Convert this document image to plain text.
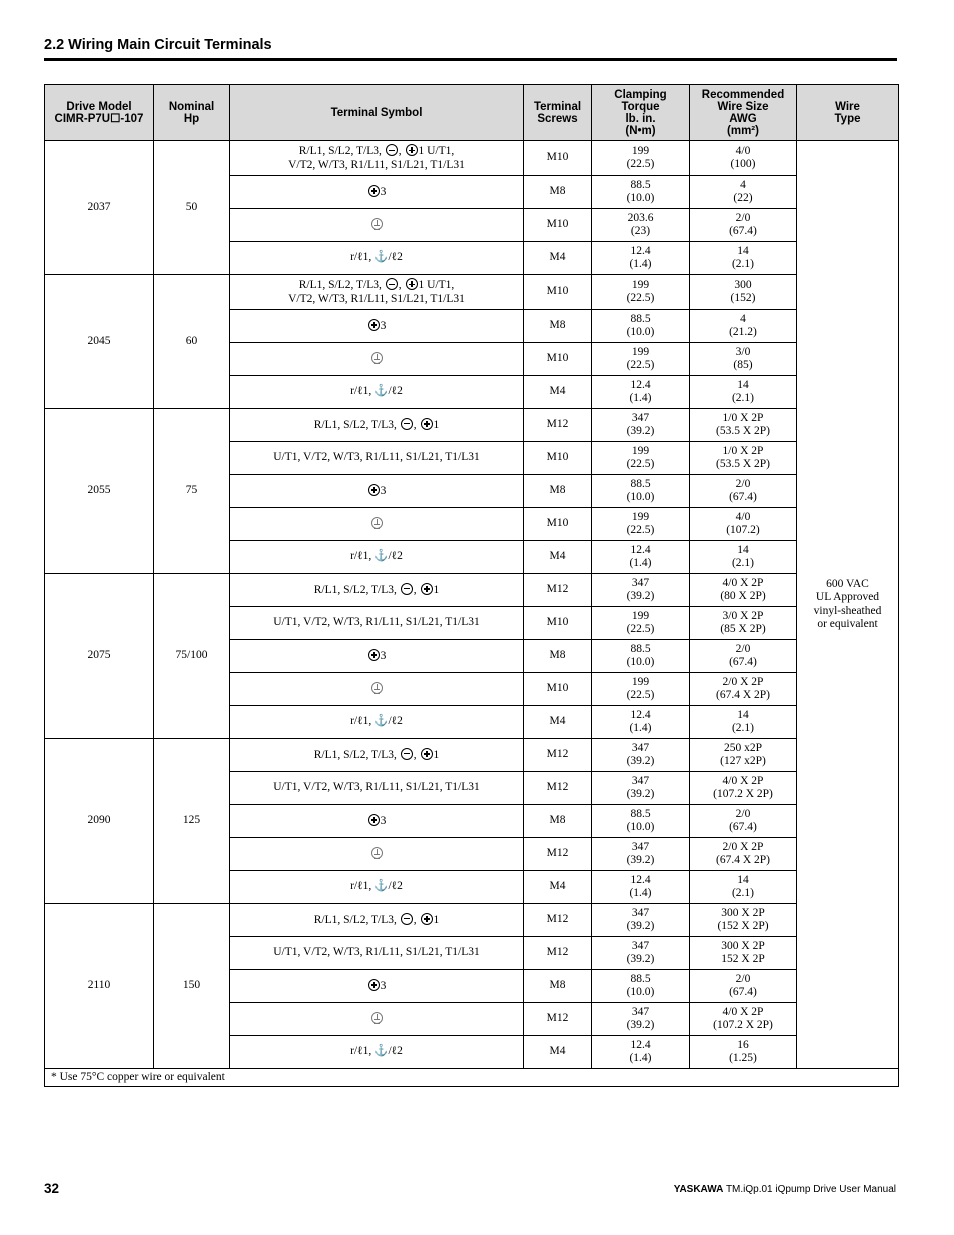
2.2 Wiring Main Circuit Terminals
Drive Model
CIMR-P7U☐-107	Nominal
Hp	Terminal Symbol	Terminal
Screws	Clamping
Torque
lb. in.
(N•m)	Recommended
Wire Size
AWG
(mm²)	Wire
Type

2037	50	R/L1, S/L2, T/L3, , 1 U/T1,
V/T2, W/T3, R1/L11, S1/L21, T1/L31	M10	199
(22.5)	4/0
(100)	600 VAC
UL Approved
vinyl-sheathed
or equivalent

		3	M8	88.5
(10.0)	4
(22)	

			M10	203.6
(23)	2/0
(67.4)	

		r/ℓ1, ⚓/ℓ2	M4	12.4
(1.4)	14
(2.1)	

2045	60	R/L1, S/L2, T/L3, , 1 U/T1,
V/T2, W/T3, R1/L11, S1/L21, T1/L31	M10	199
(22.5)	300
(152)	

		3	M8	88.5
(10.0)	4
(21.2)	

			M10	199
(22.5)	3/0
(85)	

		r/ℓ1, ⚓/ℓ2	M4	12.4
(1.4)	14
(2.1)	

2055	75	R/L1, S/L2, T/L3, , 1	M12	347
(39.2)	1/0 X 2P
(53.5 X 2P)	

		U/T1, V/T2, W/T3, R1/L11, S1/L21, T1/L31	M10	199
(22.5)	1/0 X 2P
(53.5 X 2P)	

		3	M8	88.5
(10.0)	2/0
(67.4)	

			M10	199
(22.5)	4/0
(107.2)	

		r/ℓ1, ⚓/ℓ2	M4	12.4
(1.4)	14
(2.1)	

2075	75/100	R/L1, S/L2, T/L3, , 1	M12	347
(39.2)	4/0 X 2P
(80 X 2P)	

		U/T1, V/T2, W/T3, R1/L11, S1/L21, T1/L31	M10	199
(22.5)	3/0 X 2P
(85 X 2P)	

		3	M8	88.5
(10.0)	2/0
(67.4)	

			M10	199
(22.5)	2/0 X 2P
(67.4 X 2P)	

		r/ℓ1, ⚓/ℓ2	M4	12.4
(1.4)	14
(2.1)	

2090	125	R/L1, S/L2, T/L3, , 1	M12	347
(39.2)	250 x2P
(127 x2P)	

		U/T1, V/T2, W/T3, R1/L11, S1/L21, T1/L31	M12	347
(39.2)	4/0 X 2P
(107.2 X 2P)	

		3	M8	88.5
(10.0)	2/0
(67.4)	

			M12	347
(39.2)	2/0 X 2P
(67.4 X 2P)	

		r/ℓ1, ⚓/ℓ2	M4	12.4
(1.4)	14
(2.1)	

2110	150	R/L1, S/L2, T/L3, , 1	M12	347
(39.2)	300 X 2P
(152 X 2P)	

		U/T1, V/T2, W/T3, R1/L11, S1/L21, T1/L31	M12	347
(39.2)	300 X 2P
152 X 2P	

		3	M8	88.5
(10.0)	2/0
(67.4)	

			M12	347
(39.2)	4/0 X 2P
(107.2 X 2P)	

		r/ℓ1, ⚓/ℓ2	M4	12.4
(1.4)	16
(1.25)	

* Use 75°C copper wire or equivalent						
32	YASKAWA TM.iQp.01 iQpump Drive User Manual
